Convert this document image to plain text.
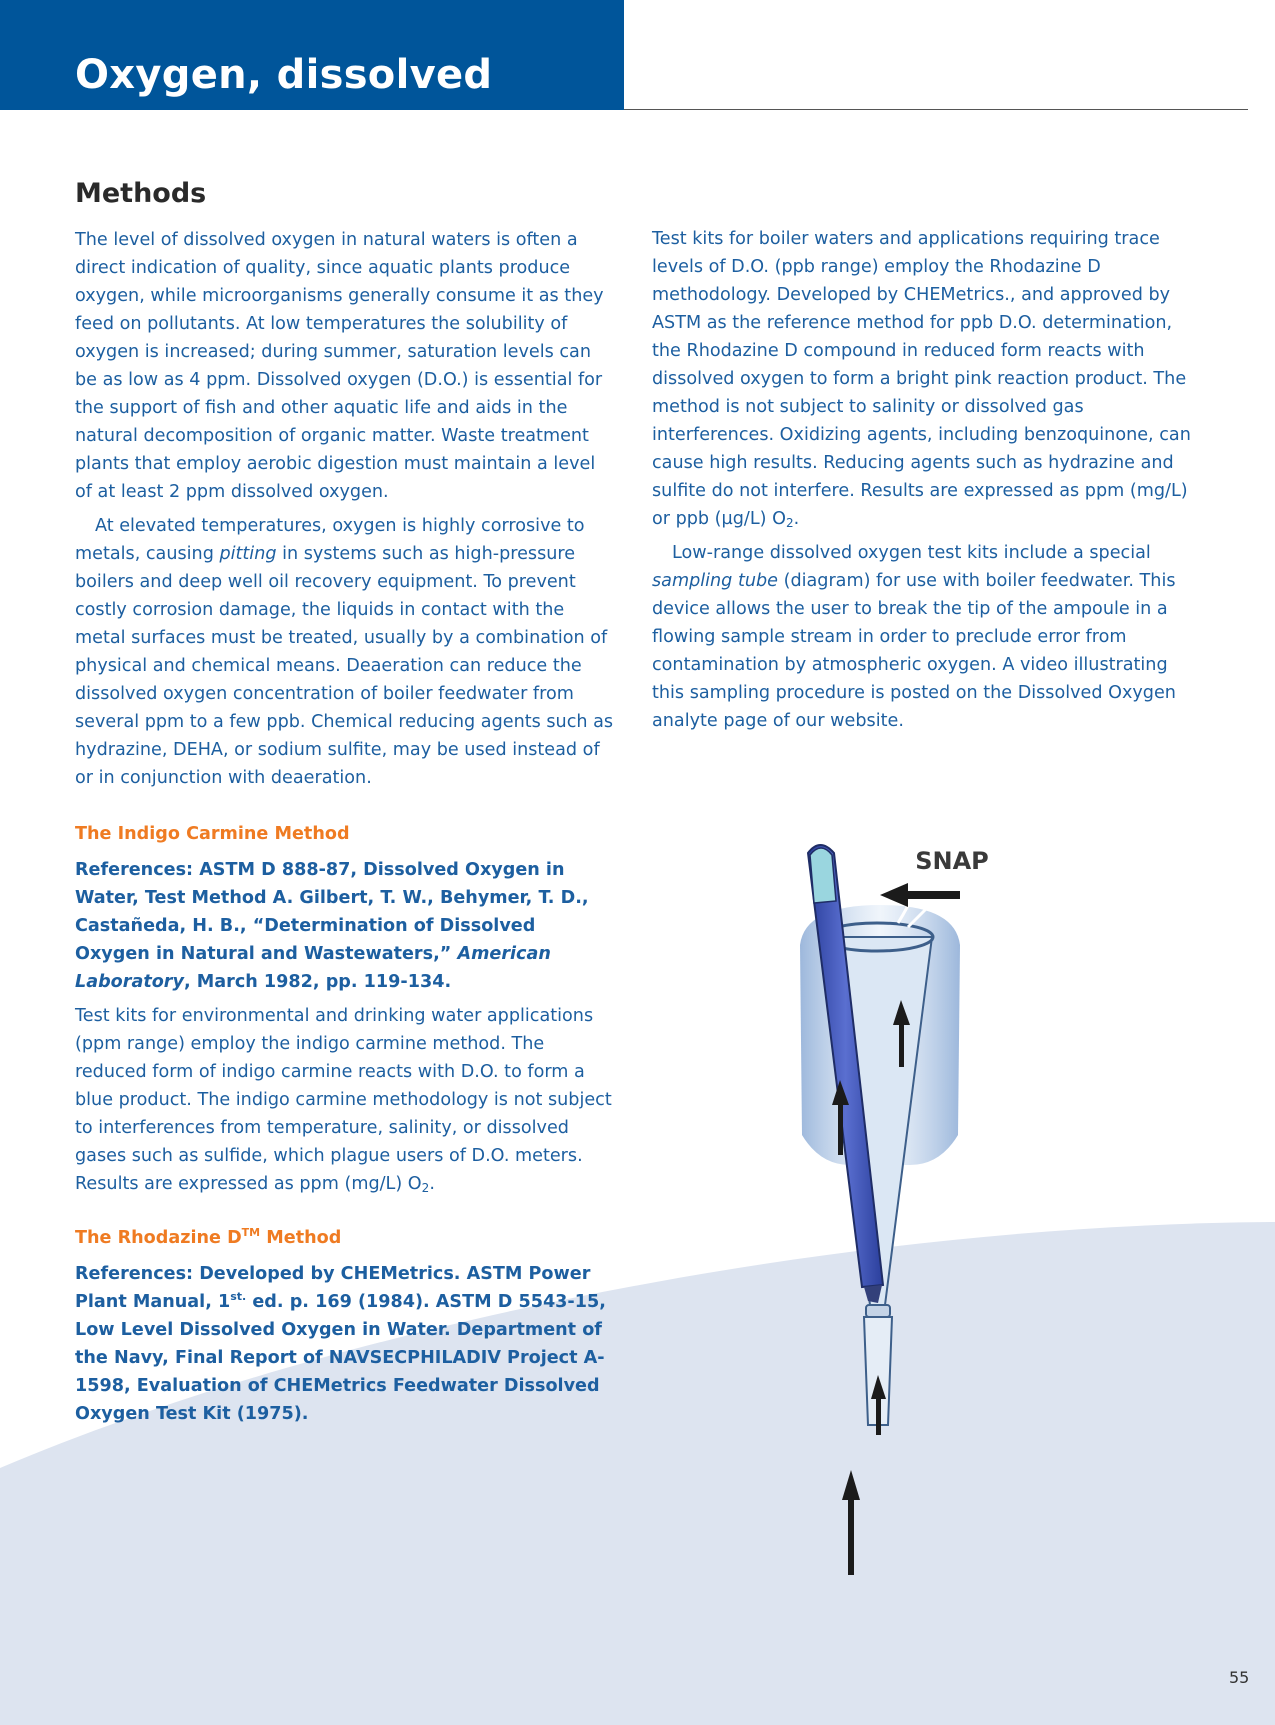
Oxygen, dissolved
Methods

The level of dissolved oxygen in natural waters is often a direct indication of quality, since aquatic plants produce oxygen, while microorganisms generally consume it as they feed on pollutants. At low temperatures the solubility of oxygen is increased; during summer, saturation levels can be as low as 4 ppm. Dissolved oxygen (D.O.) is essential for the support of fish and other aquatic life and aids in the natural decomposition of organic matter. Waste treatment plants that employ aerobic digestion must maintain a level of at least 2 ppm dissolved oxygen.

At elevated temperatures, oxygen is highly corrosive to metals, causing pitting in systems such as high-pressure boilers and deep well oil recovery equipment. To prevent costly corrosion damage, the liquids in contact with the metal surfaces must be treated, usually by a combination of physical and chemical means. Deaeration can reduce the dissolved oxygen concentration of boiler feedwater from several ppm to a few ppb. Chemical reducing agents such as hydrazine, DEHA, or sodium sulfite, may be used instead of or in conjunction with deaeration.

The Indigo Carmine Method

References: ASTM D 888-87, Dissolved Oxygen in Water, Test Method A. Gilbert, T. W., Behymer, T. D., Castañeda, H. B., “Determination of Dissolved Oxygen in Natural and Wastewaters,” American Laboratory, March 1982, pp. 119-134.

Test kits for environmental and drinking water applications (ppm range) employ the indigo carmine method. The reduced form of indigo carmine reacts with D.O. to form a blue product. The indigo carmine methodology is not subject to interferences from temperature, salinity, or dissolved gases such as sulfide, which plague users of D.O. meters. Results are expressed as ppm (mg/L) $O_2$.

The Rhodazine D™ Method

References: Developed by CHEMetrics. ASTM Power Plant Manual, $1^{st.}$ ed. p. 169 (1984). ASTM D 5543-15, Low Level Dissolved Oxygen in Water. Department of the Navy, Final Report of NAVSECPHILADIV Project A-1598, Evaluation of CHEMetrics Feedwater Dissolved Oxygen Test Kit (1975).

Test kits for boiler waters and applications requiring trace levels of D.O. (ppb range) employ the Rhodazine D methodology. Developed by CHEMetrics., and approved by ASTM as the reference method for ppb D.O. determination, the Rhodazine D compound in reduced form reacts with dissolved oxygen to form a bright pink reaction product. The method is not subject to salinity or dissolved gas interferences. Oxidizing agents, including benzoquinone, can cause high results. Reducing agents such as hydrazine and sulfite do not interfere. Results are expressed as ppm (mg/L) or ppb (µg/L) $O_2$.

Low-range dissolved oxygen test kits include a special sampling tube (diagram) for use with boiler feedwater. This device allows the user to break the tip of the ampoule in a flowing sample stream in order to preclude error from contamination by atmospheric oxygen. A video illustrating this sampling procedure is posted on the Dissolved Oxygen analyte page of our website.

SNAP
55
